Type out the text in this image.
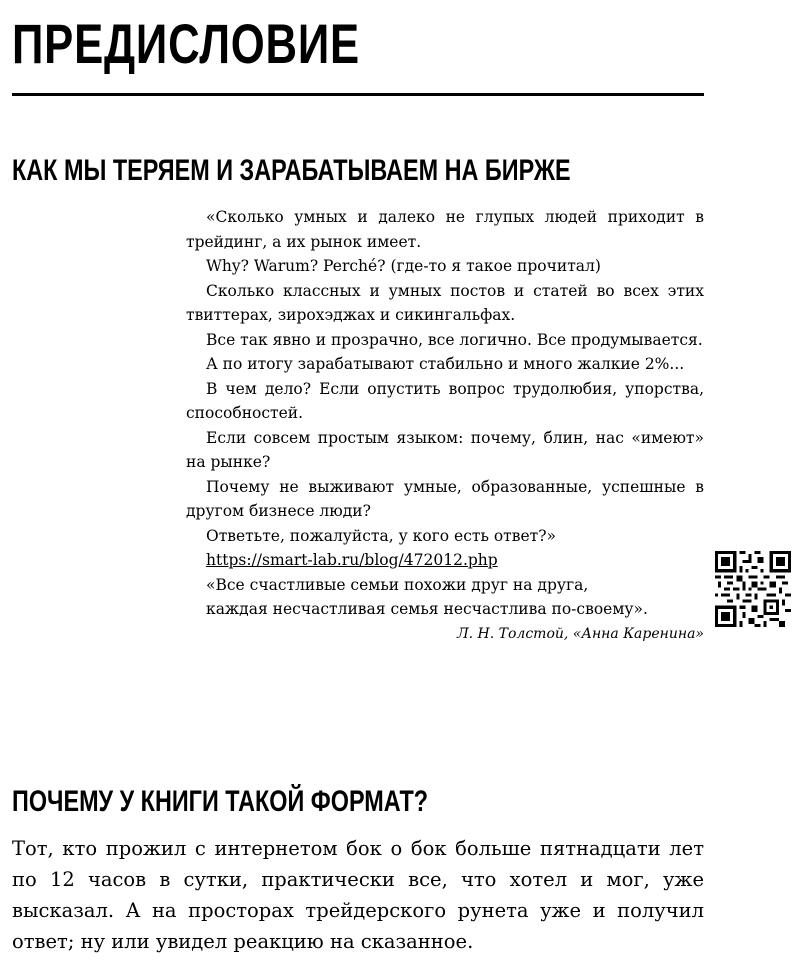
ПРЕДИСЛОВИЕ
КАК МЫ ТЕРЯЕМ И ЗАРАБАТЫВАЕМ НА БИРЖЕ

«Сколько умных и далеко не глупых людей приходит в трейдинг, а их рынок имеет.

Why? Warum? Perché? (где-то я такое прочитал)

Сколько классных и умных постов и статей во всех этих твиттерах, зирохэджах и сикингальфах.

Все так явно и прозрачно, все логично. Все продумывается.

А по итогу зарабатывают стабильно и много жалкие 2%...

В чем дело? Если опустить вопрос трудолюбия, упорства, способностей.

Если совсем простым языком: почему, блин, нас «имеют» на рынке?

Почему не выживают умные, образованные, успешные в другом бизнесе люди?

Ответьте, пожалуйста, у кого есть ответ?»

https://smart-lab.ru/blog/472012.php

«Все счастливые семьи похожи друг на друга,

каждая несчастливая семья несчастлива по-своему».

Л. Н. Толстой, «Анна Каренина»

ПОЧЕМУ У КНИГИ ТАКОЙ ФОРМАТ?

Тот, кто прожил с интернетом бок о бок больше пятнадцати лет по 12 часов в сутки, практически все, что хотел и мог, уже высказал. А на просторах трейдерского рунета уже и получил ответ; ну или увидел реакцию на сказанное.
